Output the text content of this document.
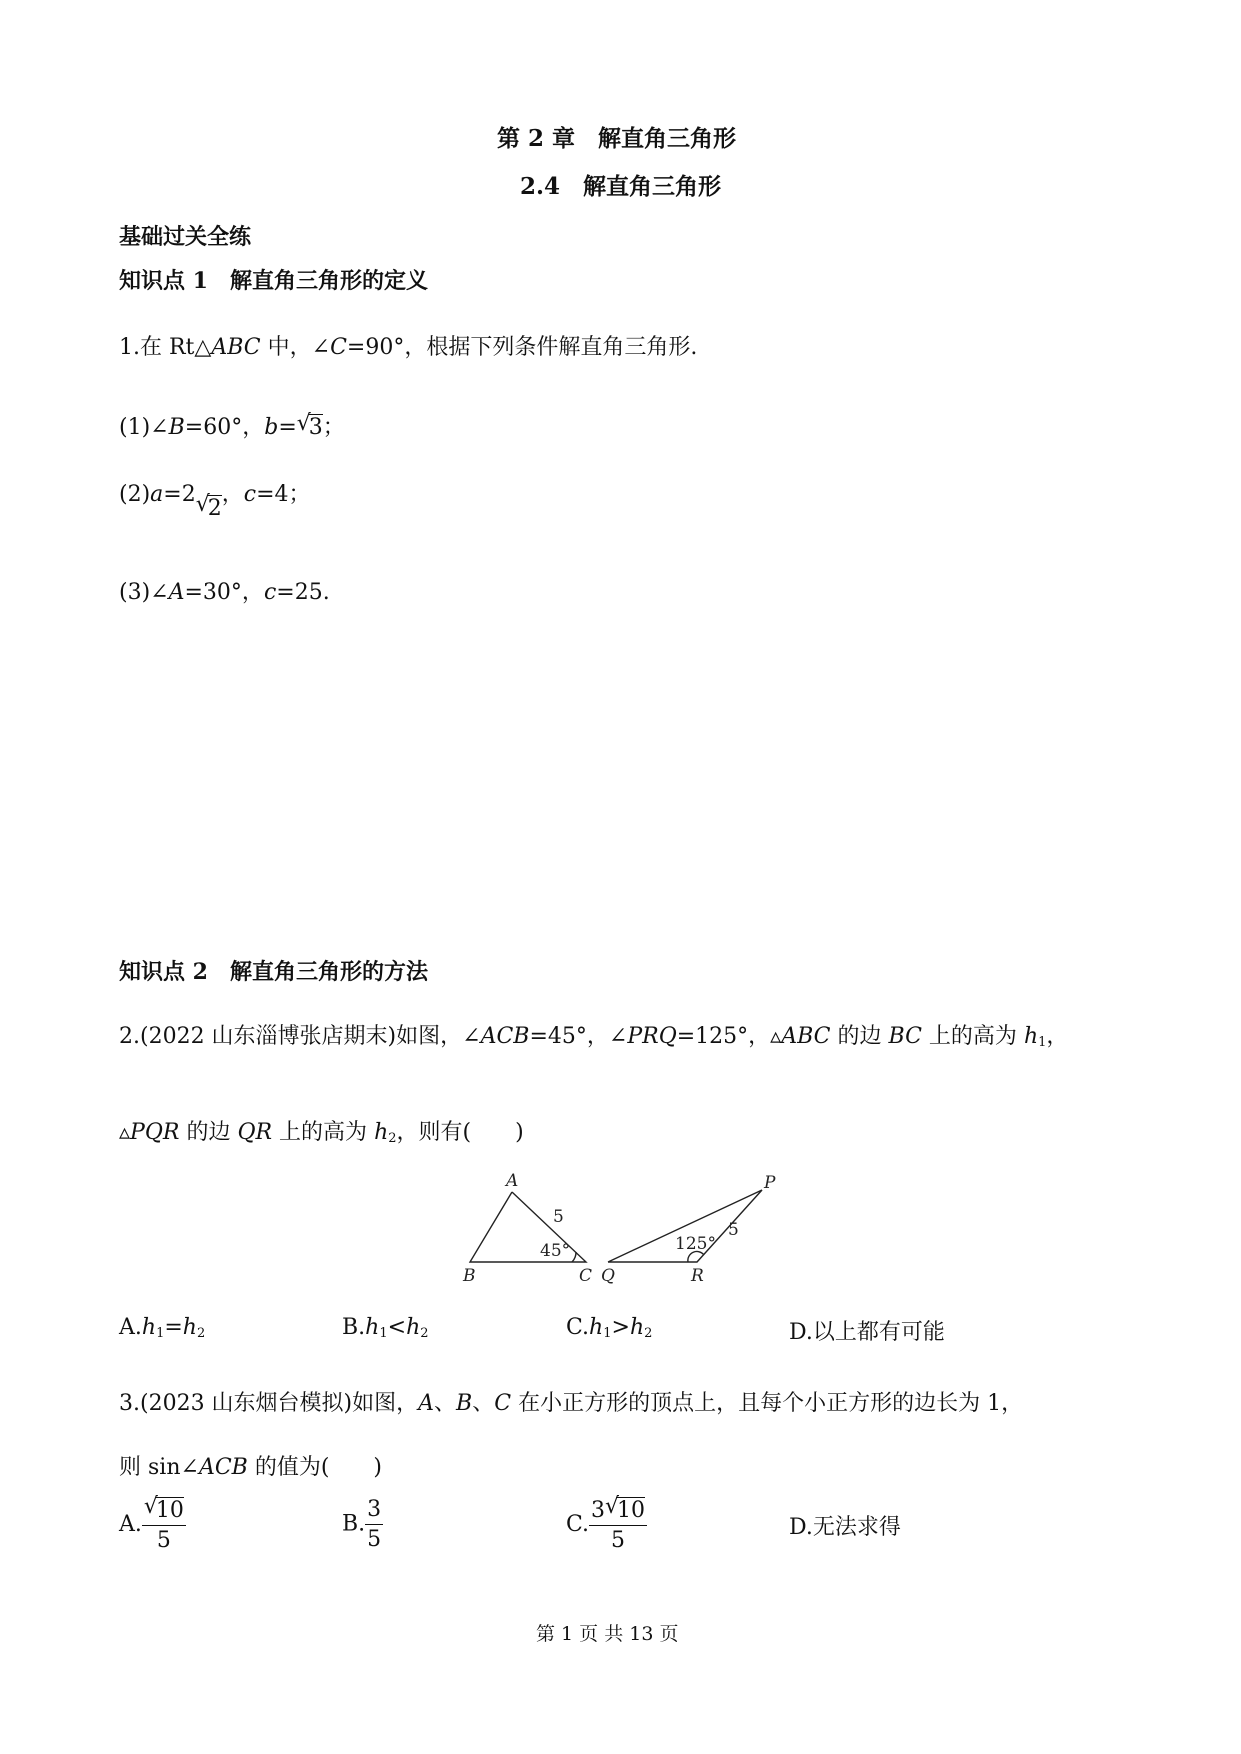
第 2 章　解直角三角形
2.4　解直角三角形
基础过关全练
知识点 1　解直角三角形的定义
1.在 Rt△ABC 中，∠C=90°，根据下列条件解直角三角形.
(1)∠B=60°，b= √
3；
(2)a=2 √
2，c=4；
(3)∠A=30°，c=25.
知识点 2　解直角三角形的方法
2.(2022 山东淄博张店期末)如图，∠ACB=45°，∠PRQ=125°，▵ABC 的边 BC 上的高为 $h_1$，
▵PQR 的边 QR 上的高为 $h_2$，则有(　　)
A
B	C
5
45°
P
Q	R
5
125°
$A.h_1=h_2$	$B.h_1<h_2$	$C.h_1>h_2$	D.以上都有可能
3.(2023 山东烟台模拟)如图，A、B、C 在小正方形的顶点上，且每个小正方形的边长为 1，
则 sin∠ACB 的值为(　　)
A. √
10
5	B. $\frac{3}{5}$	C. 3 √
10
5	D.无法求得
第 1 页 共 13 页
